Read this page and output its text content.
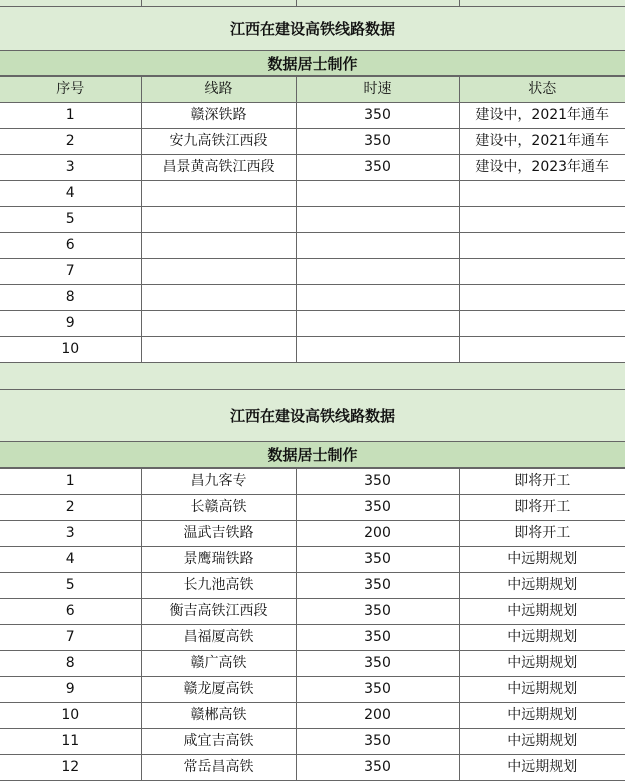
江西在建设高铁线路数据
数据居士制作
序号	线路	时速	状态
1	赣深铁路	350	建设中，2021年通车
2	安九高铁江西段	350	建设中，2021年通车
3	昌景黄高铁江西段	350	建设中，2023年通车
4			
5			
6			
7			
8			
9			
10			
江西在建设高铁线路数据
数据居士制作
1	昌九客专	350	即将开工
2	长赣高铁	350	即将开工
3	温武吉铁路	200	即将开工
4	景鹰瑞铁路	350	中远期规划
5	长九池高铁	350	中远期规划
6	衡吉高铁江西段	350	中远期规划
7	昌福厦高铁	350	中远期规划
8	赣广高铁	350	中远期规划
9	赣龙厦高铁	350	中远期规划
10	赣郴高铁	200	中远期规划
11	咸宜吉高铁	350	中远期规划
12	常岳昌高铁	350	中远期规划
